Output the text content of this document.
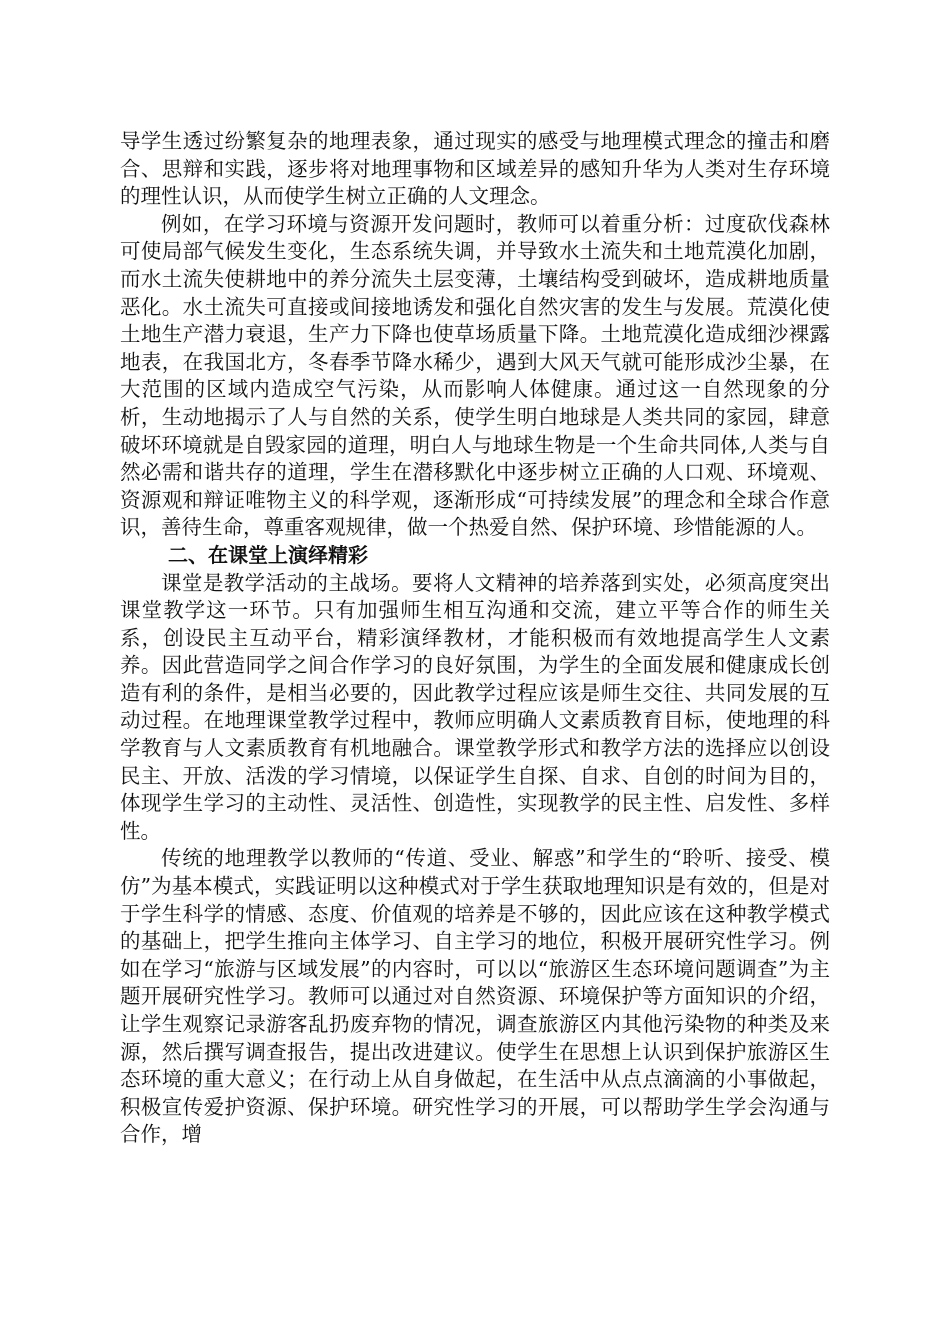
导学生透过纷繁复杂的地理表象，通过现实的感受与地理模式理念的撞击和磨合、思辩和实践，逐步将对地理事物和区域差异的感知升华为人类对生存环境的理性认识，从而使学生树立正确的人文理念。

例如，在学习环境与资源开发问题时，教师可以着重分析：过度砍伐森林可使局部气候发生变化，生态系统失调，并导致水土流失和土地荒漠化加剧，而水土流失使耕地中的养分流失土层变薄，土壤结构受到破坏，造成耕地质量恶化。水土流失可直接或间接地诱发和强化自然灾害的发生与发展。荒漠化使土地生产潜力衰退，生产力下降也使草场质量下降。土地荒漠化造成细沙裸露地表，在我国北方，冬春季节降水稀少，遇到大风天气就可能形成沙尘暴，在大范围的区域内造成空气污染，从而影响人体健康。通过这一自然现象的分析，生动地揭示了人与自然的关系，使学生明白地球是人类共同的家园，肆意破坏环境就是自毁家园的道理，明白人与地球生物是一个生命共同体,人类与自然必需和谐共存的道理，学生在潜移默化中逐步树立正确的人口观、环境观、资源观和辩证唯物主义的科学观，逐渐形成“可持续发展”的理念和全球合作意识，善待生命，尊重客观规律，做一个热爱自然、保护环境、珍惜能源的人。

二、在课堂上演绎精彩

课堂是教学活动的主战场。要将人文精神的培养落到实处，必须高度突出课堂教学这一环节。只有加强师生相互沟通和交流，建立平等合作的师生关系，创设民主互动平台，精彩演绎教材，才能积极而有效地提高学生人文素养。因此营造同学之间合作学习的良好氛围，为学生的全面发展和健康成长创造有利的条件，是相当必要的，因此教学过程应该是师生交往、共同发展的互动过程。在地理课堂教学过程中，教师应明确人文素质教育目标，使地理的科学教育与人文素质教育有机地融合。课堂教学形式和教学方法的选择应以创设民主、开放、活泼的学习情境，以保证学生自探、自求、自创的时间为目的，体现学生学习的主动性、灵活性、创造性，实现教学的民主性、启发性、多样性。

传统的地理教学以教师的“传道、受业、解惑”和学生的“聆听、接受、模仿”为基本模式，实践证明以这种模式对于学生获取地理知识是有效的，但是对于学生科学的情感、态度、价值观的培养是不够的，因此应该在这种教学模式的基础上，把学生推向主体学习、自主学习的地位，积极开展研究性学习。例如在学习“旅游与区域发展”的内容时，可以以“旅游区生态环境问题调查”为主题开展研究性学习。教师可以通过对自然资源、环境保护等方面知识的介绍，让学生观察记录游客乱扔废弃物的情况，调查旅游区内其他污染物的种类及来源，然后撰写调查报告，提出改进建议。使学生在思想上认识到保护旅游区生态环境的重大意义；在行动上从自身做起，在生活中从点点滴滴的小事做起，积极宣传爱护资源、保护环境。研究性学习的开展，可以帮助学生学会沟通与合作，增
